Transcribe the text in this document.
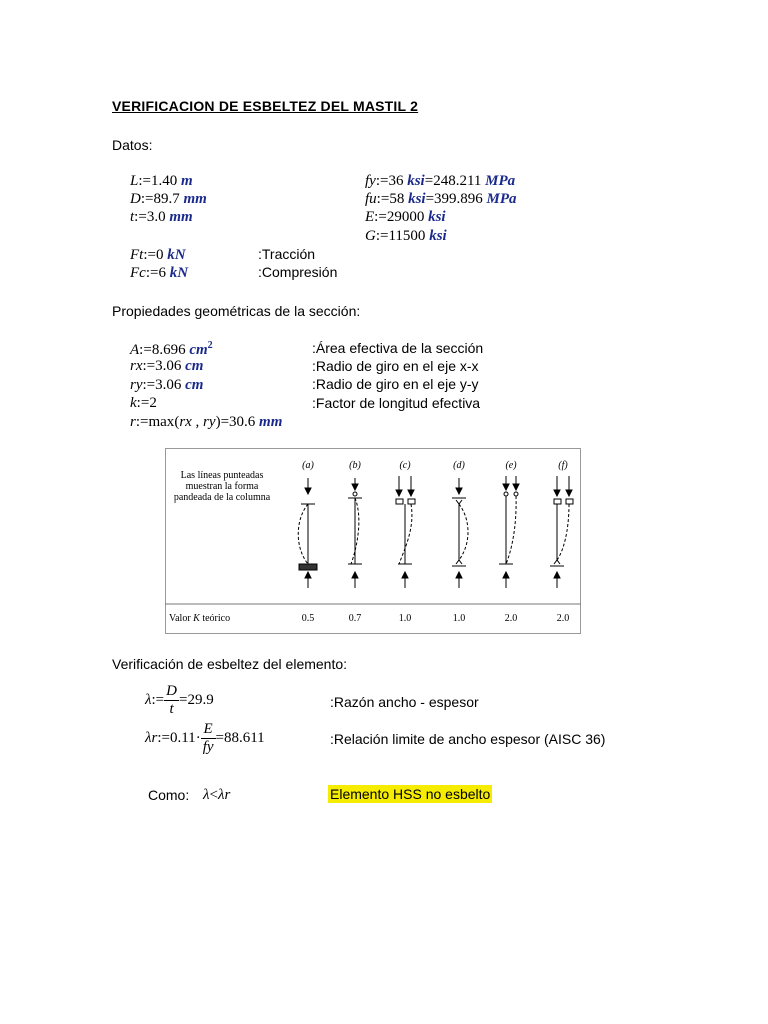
VERIFICACION DE ESBELTEZ DEL MASTIL 2
Datos:
L:=1.40 m
D:=89.7 mm
t:=3.0 mm
fy:=36 ksi=248.211 MPa
fu:=58 ksi=399.896 MPa
E:=29000 ksi
G:=11500 ksi
Ft:=0 kN	:Tracción
Fc:=6 kN	:Compresión
Propiedades geométricas de la sección:
A:=8.696 $cm^2$	:Área efectiva de la sección
rx:=3.06 cm	:Radio de giro en el eje x-x
ry:=3.06 cm	:Radio de giro en el eje y-y
k:=2	:Factor de longitud efectiva
r:=max(rx , ry)=30.6 mm
Las líneas punteadas
muestran la forma
pandeada de la columna
(a)	(b)	(c)	(d)	(e)	(f)
Valor K teórico	0.5	0.7	1.0	1.0	2.0	2.0
Verificación de esbeltez del elemento:
λ:= $\frac{D}{t} =29.9$	:Razón ancho - espesor
λr:=0.11· $\frac{E}{fy} =88.611$	:Relación limite de ancho espesor (AISC 36)
Como: λ<λr	Elemento HSS no esbelto
